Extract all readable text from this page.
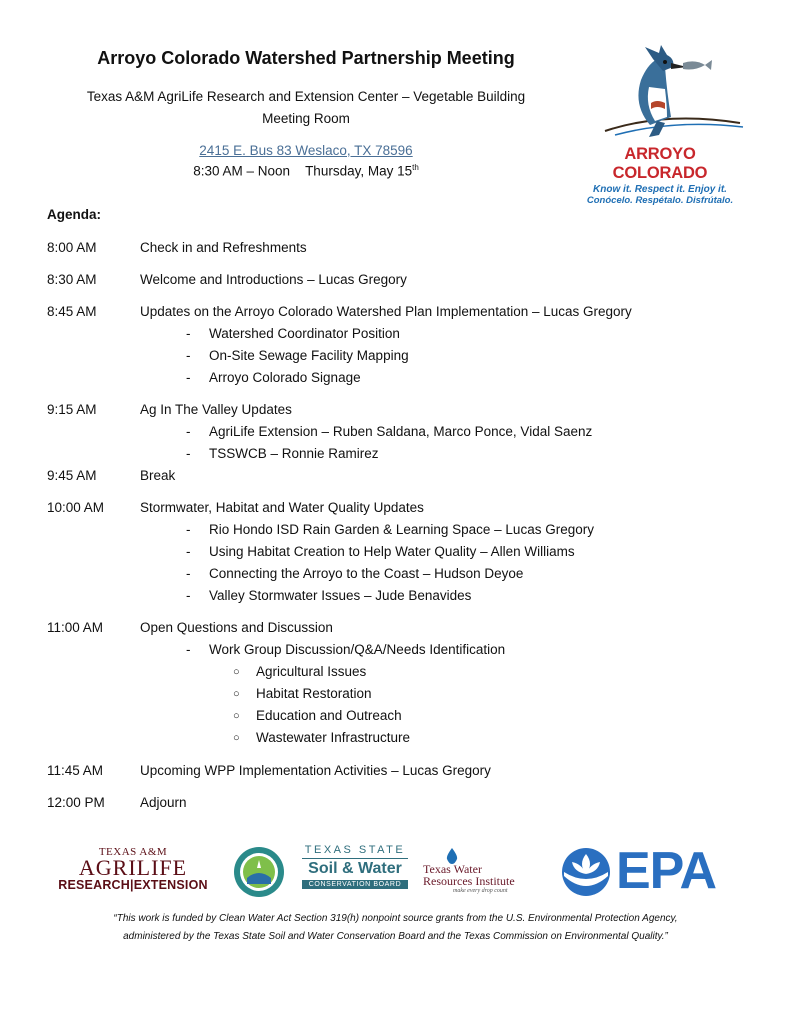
Arroyo Colorado Watershed Partnership Meeting
Texas A&M AgriLife Research and Extension Center – Vegetable Building
Meeting Room
2415 E. Bus 83 Weslaco, TX 78596
8:30 AM – Noon Thursday, May 15th
ARROYO COLORADO
Know it. Respect it. Enjoy it.
Conócelo. Respétalo. Disfrútalo.
Agenda:
8:00 AM	Check in and Refreshments
8:30 AM	Welcome and Introductions – Lucas Gregory
8:45 AM	Updates on the Arroyo Colorado Watershed Plan Implementation – Lucas Gregory
- Watershed Coordinator Position
- On-Site Sewage Facility Mapping
- Arroyo Colorado Signage
9:15 AM	Ag In The Valley Updates
- AgriLife Extension – Ruben Saldana, Marco Ponce, Vidal Saenz
- TSSWCB – Ronnie Ramirez
9:45 AM	Break
10:00 AM	Stormwater, Habitat and Water Quality Updates
- Rio Hondo ISD Rain Garden & Learning Space – Lucas Gregory
- Using Habitat Creation to Help Water Quality – Allen Williams
- Connecting the Arroyo to the Coast – Hudson Deyoe
- Valley Stormwater Issues – Jude Benavides
11:00 AM	Open Questions and Discussion
- Work Group Discussion/Q&A/Needs Identification
○ Agricultural Issues
○ Habitat Restoration
○ Education and Outreach
○ Wastewater Infrastructure
11:45 AM	Upcoming WPP Implementation Activities – Lucas Gregory
12:00 PM	Adjourn
TEXAS A&M
AGRILIFE
RESEARCH|EXTENSION
TEXAS STATE
Soil & Water
CONSERVATION BOARD
Texas Water
Resources Institute
make every drop count EPA
“This work is funded by Clean Water Act Section 319(h) nonpoint source grants from the U.S. Environmental Protection Agency,
administered by the Texas State Soil and Water Conservation Board and the Texas Commission on Environmental Quality.”
